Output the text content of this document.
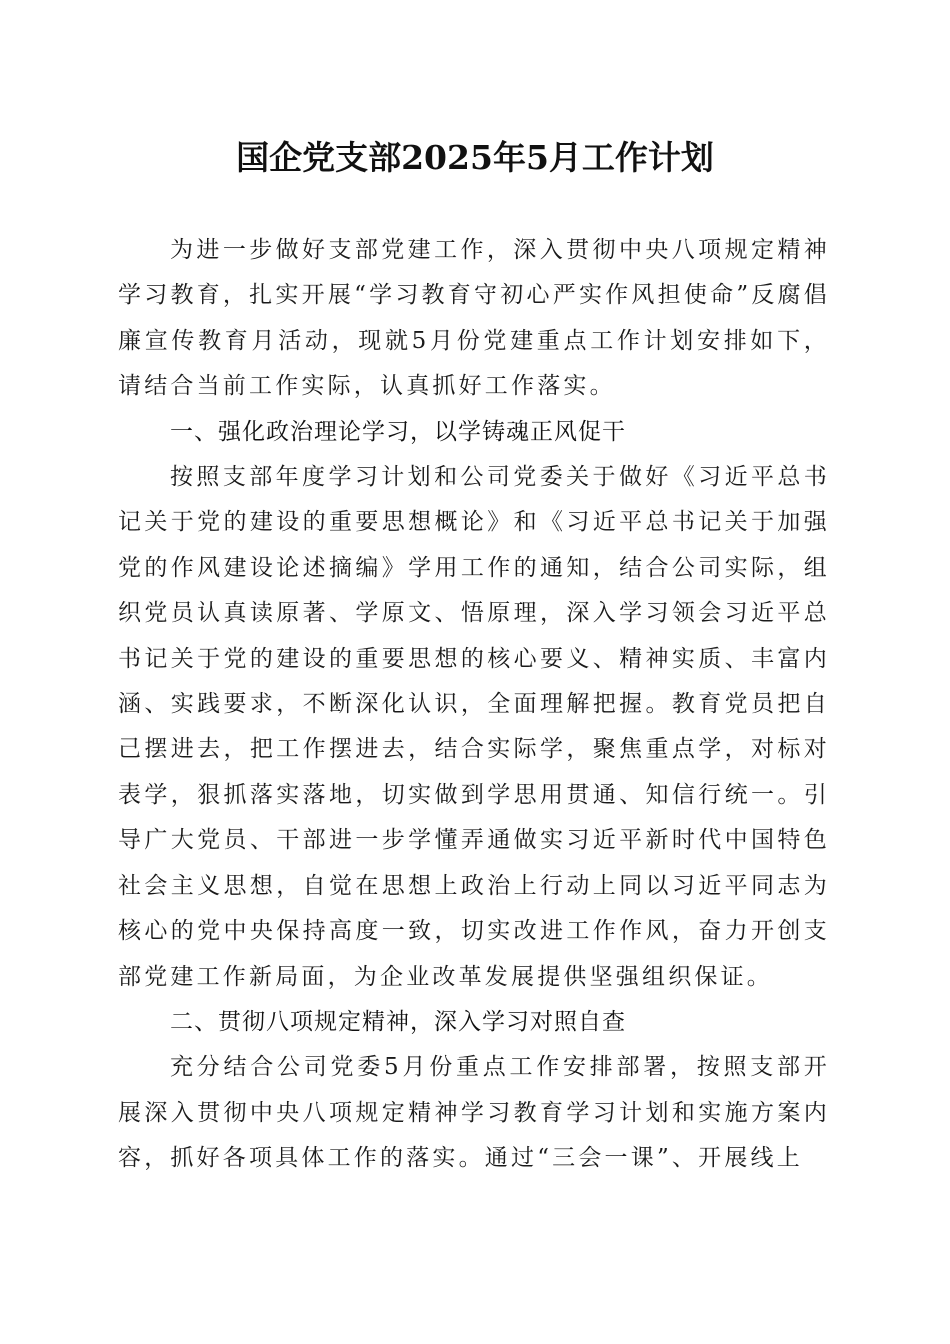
国企党支部2025年5月工作计划

为进一步做好支部党建工作，深入贯彻中央八项规定精神学习教育，扎实开展“学习教育守初心严实作风担使命”反腐倡廉宣传教育月活动，现就5月份党建重点工作计划安排如下，请结合当前工作实际，认真抓好工作落实。

一、强化政治理论学习，以学铸魂正风促干

按照支部年度学习计划和公司党委关于做好《习近平总书记关于党的建设的重要思想概论》和《习近平总书记关于加强党的作风建设论述摘编》学用工作的通知，结合公司实际，组织党员认真读原著、学原文、悟原理，深入学习领会习近平总书记关于党的建设的重要思想的核心要义、精神实质、丰富内涵、实践要求，不断深化认识，全面理解把握。教育党员把自己摆进去，把工作摆进去，结合实际学，聚焦重点学，对标对表学，狠抓落实落地，切实做到学思用贯通、知信行统一。引导广大党员、干部进一步学懂弄通做实习近平新时代中国特色社会主义思想，自觉在思想上政治上行动上同以习近平同志为核心的党中央保持高度一致，切实改进工作作风，奋力开创支部党建工作新局面，为企业改革发展提供坚强组织保证。

二、贯彻八项规定精神，深入学习对照自查

充分结合公司党委5月份重点工作安排部署，按照支部开展深入贯彻中央八项规定精神学习教育学习计划和实施方案内容，抓好各项具体工作的落实。通过“三会一课”、开展线上
